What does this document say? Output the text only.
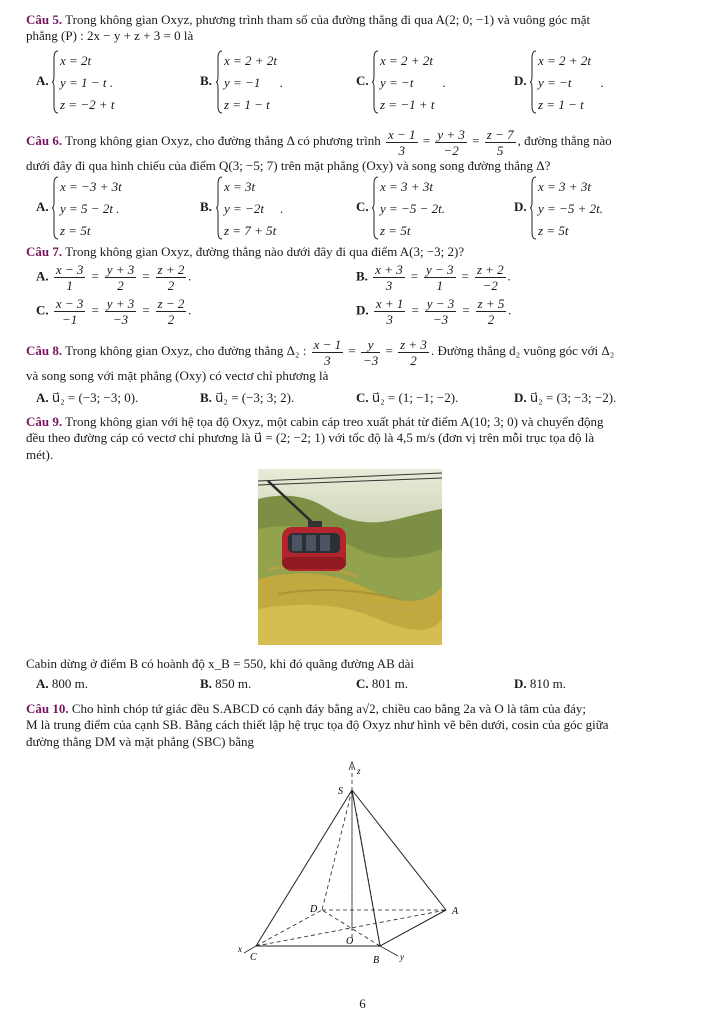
Câu 5. Trong không gian Oxyz, phương trình tham số của đường thẳng đi qua A(2; 0; −1) và vuông góc mặt
phẳng (P) : 2x − y + z + 3 = 0 là
A.
x = 2t
y = 1 − t .
z = −2 + t
B.
x = 2 + 2t
y = −1      .
z = 1 − t
C.
x = 2 + 2t
y = −t         .
z = −1 + t
D.
x = 2 + 2t
y = −t         .
z = 1 − t
Câu 6. Trong không gian Oxyz, cho đường thẳng Δ có phương trình $\frac{x - 1}{3} = \frac{y + 3}{-2} = \frac{z - 7}{5}$ , đường thẳng nào
dưới đây đi qua hình chiếu của điểm Q(3; −5; 7) trên mặt phẳng (Oxy) và song song đường thẳng Δ?
A.
x = −3 + 3t
y = 5 − 2t .
z = 5t
B.
x = 3t
y = −2t     .
z = 7 + 5t
C.
x = 3 + 3t
y = −5 − 2t.
z = 5t
D.
x = 3 + 3t
y = −5 + 2t.
z = 5t
Câu 7. Trong không gian Oxyz, đường thẳng nào dưới đây đi qua điểm A(3; −3; 2)?
A. $\frac{x - 3}{1} = \frac{y + 3}{2} = \frac{z + 2}{2}$ .	B. $\frac{x + 3}{3} = \frac{y - 3}{1} = \frac{z + 2}{-2}$ .
C. $\frac{x - 3}{-1} = \frac{y + 3}{-3} = \frac{z - 2}{2}$ .	D. $\frac{x + 1}{3} = \frac{y - 3}{-3} = \frac{z + 5}{2}$ .
Câu 8. Trong không gian Oxyz, cho đường thẳng Δ₂ : $\frac{x - 1}{3} = \frac{y}{-3} = \frac{z + 3}{2}$ . Đường thẳng d₂ vuông góc với Δ₂
và song song với mặt phẳng (Oxy) có vectơ chỉ phương là
A. u⃗₂ = (−3; −3; 0).	B. u⃗₂ = (−3; 3; 2).	C. u⃗₂ = (1; −1; −2).	D. u⃗₂ = (3; −3; −2).
Câu 9. Trong không gian với hệ tọa độ Oxyz, một cabin cáp treo xuất phát từ điểm A(10; 3; 0) và chuyển động
đều theo đường cáp có vectơ chỉ phương là u⃗ = (2; −2; 1) với tốc độ là 4,5 m/s (đơn vị trên mỗi trục tọa độ là
mét).
Cabin dừng ở điểm B có hoành độ x_B = 550, khi đó quãng đường AB dài
A. 800 m.	B. 850 m.	C. 801 m.	D. 810 m.
Câu 10. Cho hình chóp tứ giác đều S.ABCD có cạnh đáy bằng a√2, chiều cao bằng 2a và O là tâm của đáy;
M là trung điểm của cạnh SB. Bằng cách thiết lập hệ trục tọa độ Oxyz như hình vẽ bên dưới, cosin của góc giữa
đường thẳng DM và mặt phẳng (SBC) bằng
S
z
A
D
O
C	B
x
y
6
